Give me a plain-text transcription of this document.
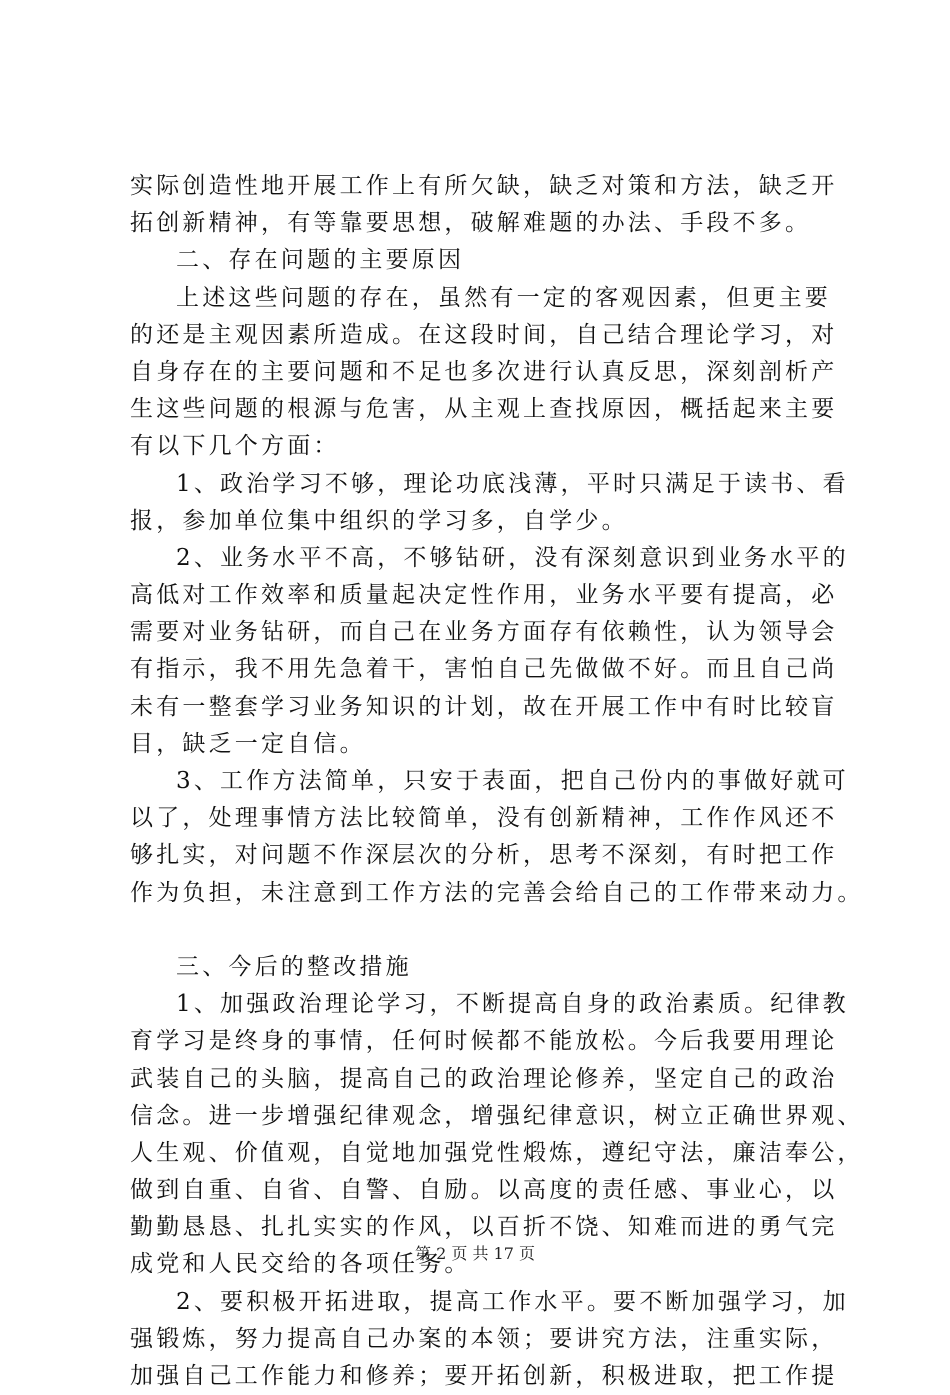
实际创造性地开展工作上有所欠缺，缺乏对策和方法，缺乏开
拓创新精神，有等靠要思想，破解难题的办法、手段不多。
二、存在问题的主要原因
上述这些问题的存在，虽然有一定的客观因素，但更主要
的还是主观因素所造成。在这段时间，自己结合理论学习，对
自身存在的主要问题和不足也多次进行认真反思，深刻剖析产
生这些问题的根源与危害，从主观上查找原因，概括起来主要
有以下几个方面：
1、政治学习不够，理论功底浅薄，平时只满足于读书、看
报，参加单位集中组织的学习多，自学少。
2、业务水平不高，不够钻研，没有深刻意识到业务水平的
高低对工作效率和质量起决定性作用，业务水平要有提高，必
需要对业务钻研，而自己在业务方面存有依赖性，认为领导会
有指示，我不用先急着干，害怕自己先做做不好。而且自己尚
未有一整套学习业务知识的计划，故在开展工作中有时比较盲
目，缺乏一定自信。
3、工作方法简单，只安于表面，把自己份内的事做好就可
以了，处理事情方法比较简单，没有创新精神，工作作风还不
够扎实，对问题不作深层次的分析，思考不深刻，有时把工作
作为负担，未注意到工作方法的完善会给自己的工作带来动力。
三、今后的整改措施
1、加强政治理论学习，不断提高自身的政治素质。纪律教
育学习是终身的事情，任何时候都不能放松。今后我要用理论
武装自己的头脑，提高自己的政治理论修养，坚定自己的政治
信念。进一步增强纪律观念，增强纪律意识，树立正确世界观、
人生观、价值观，自觉地加强党性煅炼，遵纪守法，廉洁奉公，
做到自重、自省、自警、自励。以高度的责任感、事业心，以
勤勤恳恳、扎扎实实的作风，以百折不饶、知难而进的勇气完
成党和人民交给的各项任务。
2、要积极开拓进取，提高工作水平。要不断加强学习，加
强锻炼，努力提高自己办案的本领；要讲究方法，注重实际，
加强自己工作能力和修养；要开拓创新，积极进取，把工作提
第 2 页 共 17 页
